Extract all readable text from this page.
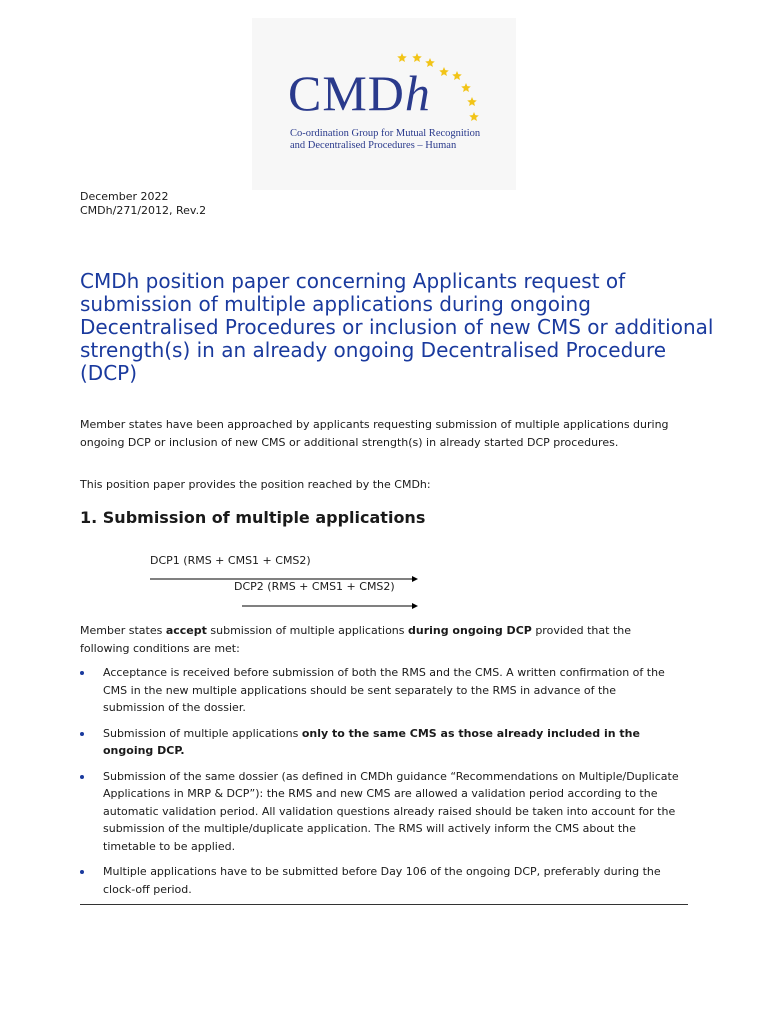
CMDh
Co-ordination Group for Mutual Recognition
and Decentralised Procedures – Human
December 2022
CMDh/271/2012, Rev.2
CMDh position paper concerning Applicants request of submission of multiple applications during ongoing Decentralised Procedures or inclusion of new CMS or additional strength(s) in an already ongoing Decentralised Procedure (DCP)

Member states have been approached by applicants requesting submission of multiple applications during ongoing DCP or inclusion of new CMS or additional strength(s) in already started DCP procedures.

This position paper provides the position reached by the CMDh:

1. Submission of multiple applications
DCP1 (RMS + CMS1 + CMS2)
DCP2 (RMS + CMS1 + CMS2)

Member states accept submission of multiple applications during ongoing DCP provided that the following conditions are met:

Acceptance is received before submission of both the RMS and the CMS. A written confirmation of the CMS in the new multiple applications should be sent separately to the RMS in advance of the submission of the dossier.
Submission of multiple applications only to the same CMS as those already included in the ongoing DCP.
Submission of the same dossier (as defined in CMDh guidance “Recommendations on Multiple/Duplicate Applications in MRP & DCP”): the RMS and new CMS are allowed a validation period according to the automatic validation period. All validation questions already raised should be taken into account for the submission of the multiple/duplicate application. The RMS will actively inform the CMS about the timetable to be applied.
Multiple applications have to be submitted before Day 106 of the ongoing DCP, preferably during the clock-off period.
